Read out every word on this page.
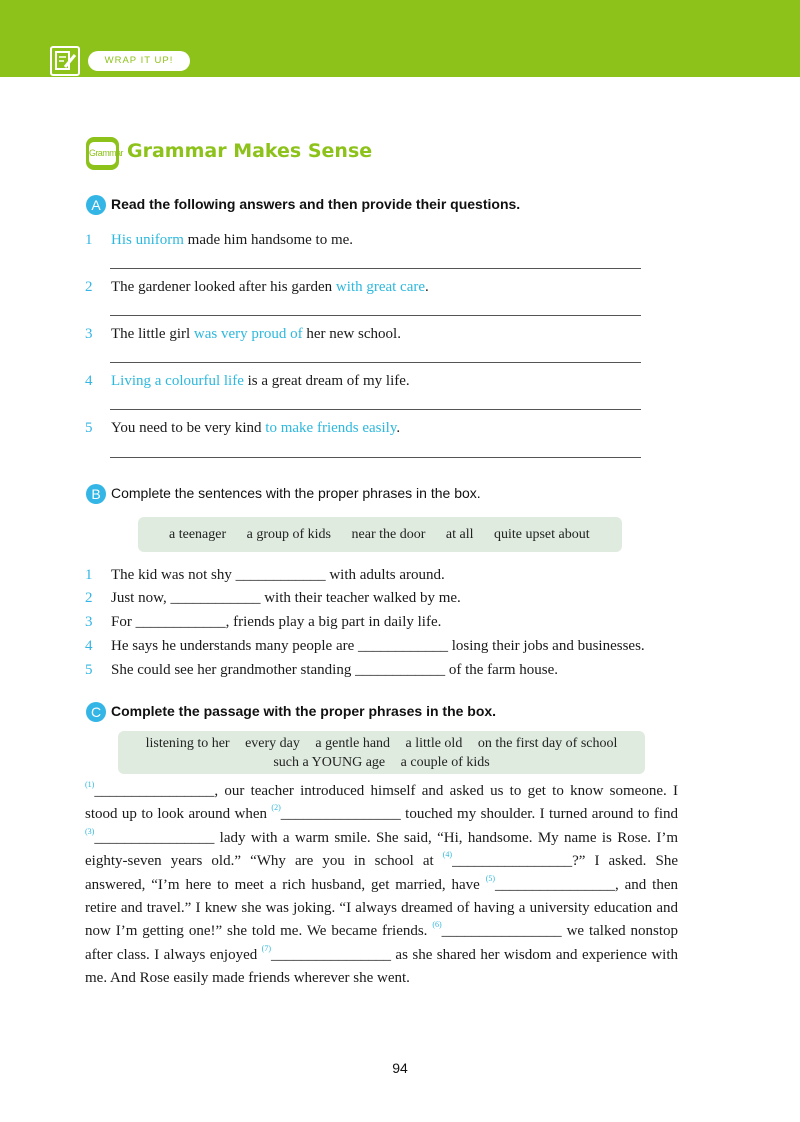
WRAP IT UP!
Grammar Grammar Makes Sense
A Read the following answers and then provide their questions.
1 His uniform made him handsome to me.
2 The gardener looked after his garden with great care.
3 The little girl was very proud of her new school.
4 Living a colourful life is a great dream of my life.
5 You need to be very kind to make friends easily.
B Complete the sentences with the proper phrases in the box.
a teenager a group of kids near the door at all quite upset about
1 The kid was not shy ____________ with adults around.
2 Just now, ____________ with their teacher walked by me.
3 For ____________, friends play a big part in daily life.
4 He says he understands many people are ____________ losing their jobs and businesses.
5 She could see her grandmother standing ____________ of the farm house.
C Complete the passage with the proper phrases in the box.
listening to her every day a gentle hand a little old on the first day of school
such a YOUNG age a couple of kids
$^{(1)}$________________, our teacher introduced himself and asked us to get to know someone. I stood up to look around when $^{(2)}$________________ touched my shoulder. I turned around to find $^{(3)}$________________ lady with a warm smile. She said, “Hi, handsome. My name is Rose. I’m eighty-seven years old.” “Why are you in school at $^{(4)}$________________?” I asked. She answered, “I’m here to meet a rich husband, get married, have $^{(5)}$________________, and then retire and travel.” I knew she was joking. “I always dreamed of having a university education and now I’m getting one!” she told me. We became friends. $^{(6)}$________________ we talked nonstop after class. I always enjoyed $^{(7)}$________________ as she shared her wisdom and experience with me. And Rose easily made friends wherever she went.
94
